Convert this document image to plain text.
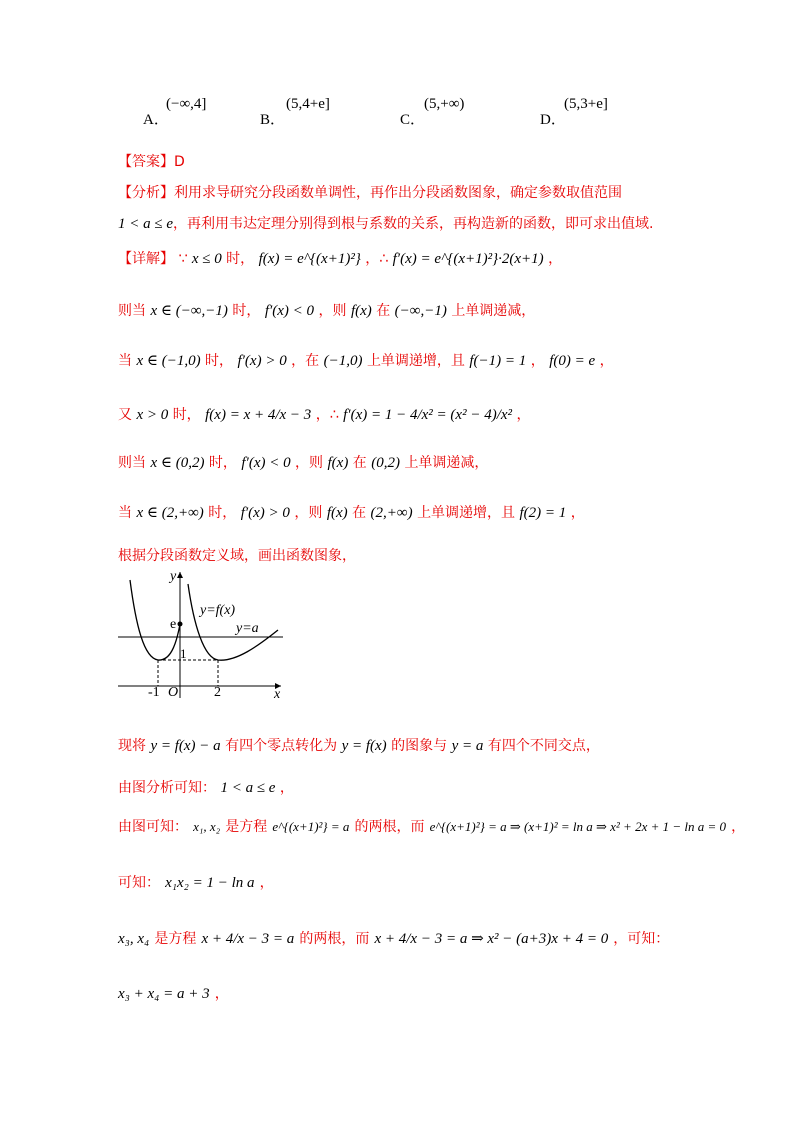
A．
(−∞,4]
B．
(5,4+e]
C．
(5,+∞)
D．
(5,3+e]
【答案】D
【分析】利用求导研究分段函数单调性，再作出分段函数图象，确定参数取值范围
1 < a ≤ e，再利用韦达定理分别得到根与系数的关系，再构造新的函数，即可求出值域.
【详解】 ∵ x ≤ 0 时， f(x) = e^{(x+1)²} ，∴ f′(x) = e^{(x+1)²}·2(x+1) ，
则当 x ∈ (−∞,−1) 时， f′(x) < 0 ，则 f(x) 在 (−∞,−1) 上单调递减，
当 x ∈ (−1,0) 时， f′(x) > 0 ，在 (−1,0) 上单调递增，且 f(−1) = 1 ， f(0) = e ，
又 x > 0 时， f(x) = x + 4/x − 3 ，∴ f′(x) = 1 − 4/x² = (x² − 4)/x² ，
则当 x ∈ (0,2) 时， f′(x) < 0 ，则 f(x) 在 (0,2) 上单调递减，
当 x ∈ (2,+∞) 时， f′(x) > 0 ，则 f(x) 在 (2,+∞) 上单调递增，且 f(2) = 1 ，
根据分段函数定义域，画出函数图象，
y
x
O
y=f(x)
y=a
e
1
-1	2
现将 y = f(x) − a 有四个零点转化为 y = f(x) 的图象与 y = a 有四个不同交点，
由图分析可知： 1 < a ≤ e ，
由图可知： x₁, x₂ 是方程 e^{(x+1)²} = a 的两根，而 e^{(x+1)²} = a ⇒ (x+1)² = ln a ⇒ x² + 2x + 1 − ln a = 0 ，
可知： x₁x₂ = 1 − ln a ，
x₃, x₄ 是方程 x + 4/x − 3 = a 的两根，而 x + 4/x − 3 = a ⇒ x² − (a+3)x + 4 = 0 ，可知：
x₃ + x₄ = a + 3 ，
